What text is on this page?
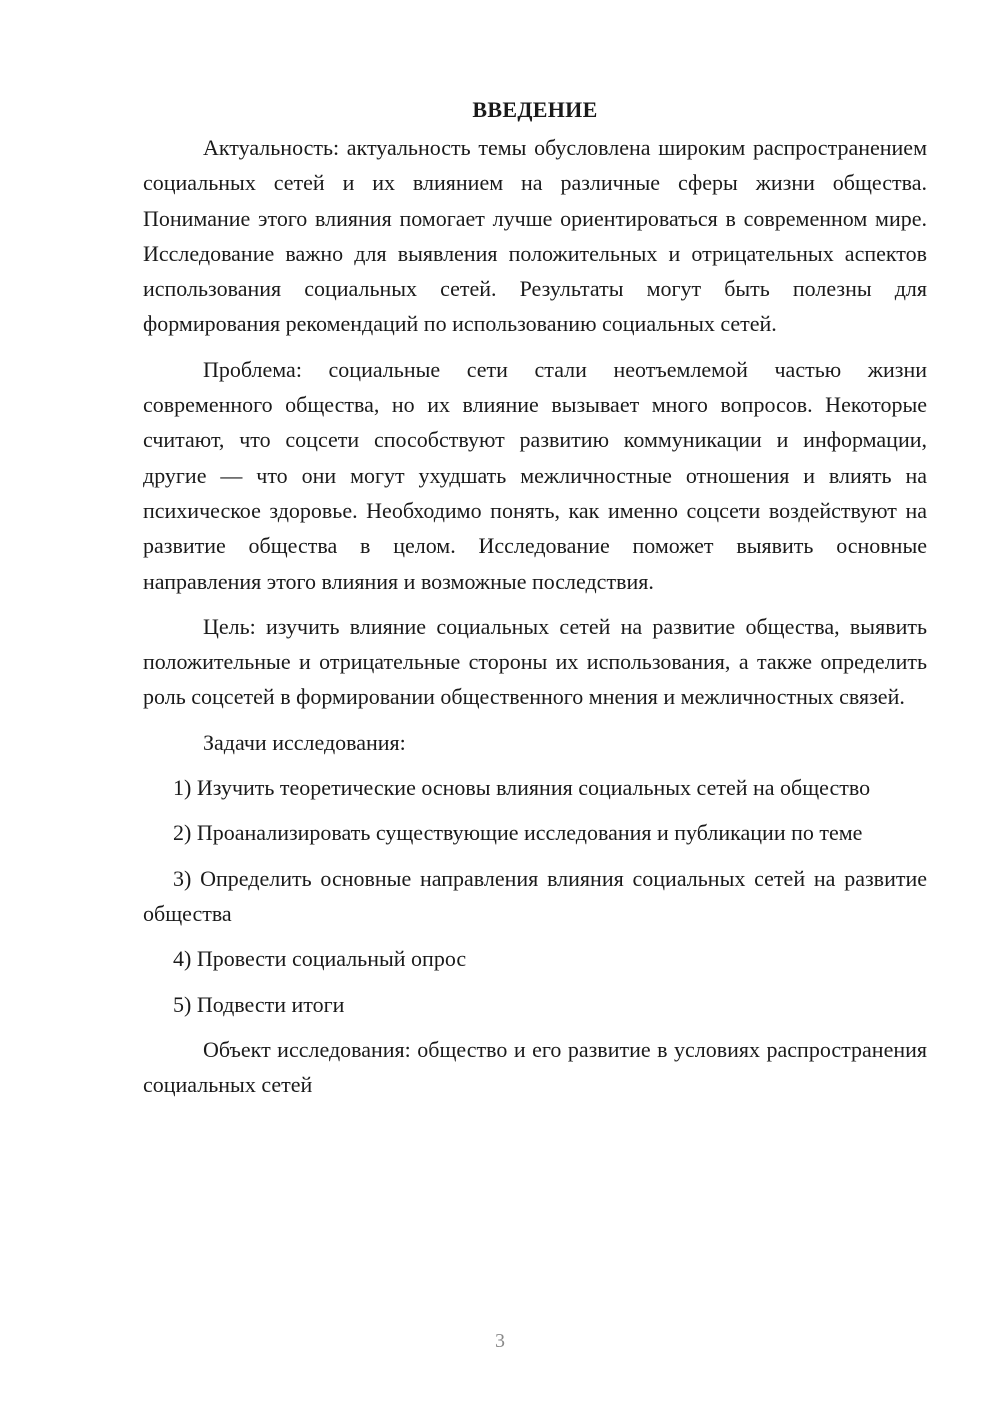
ВВЕДЕНИЕ

Актуальность: актуальность темы обусловлена широким распространением социальных сетей и их влиянием на различные сферы жизни общества. Понимание этого влияния помогает лучше ориентироваться в современном мире. Исследование важно для выявления положительных и отрицательных аспектов использования социальных сетей. Результаты могут быть полезны для формирования рекомендаций по использованию социальных сетей.

Проблема: социальные сети стали неотъемлемой частью жизни современного общества, но их влияние вызывает много вопросов. Некоторые считают, что соцсети способствуют развитию коммуникации и информации, другие — что они могут ухудшать межличностные отношения и влиять на психическое здоровье. Необходимо понять, как именно соцсети воздействуют на развитие общества в целом. Исследование поможет выявить основные направления этого влияния и возможные последствия.

Цель: изучить влияние социальных сетей на развитие общества, выявить положительные и отрицательные стороны их использования, а также определить роль соцсетей в формировании общественного мнения и межличностных связей.

Задачи исследования:

1) Изучить теоретические основы влияния социальных сетей на общество

2) Проанализировать существующие исследования и публикации по теме

3) Определить основные направления влияния социальных сетей на развитие общества

4) Провести социальный опрос

5) Подвести итоги

Объект исследования: общество и его развитие в условиях распространения социальных сетей

3
